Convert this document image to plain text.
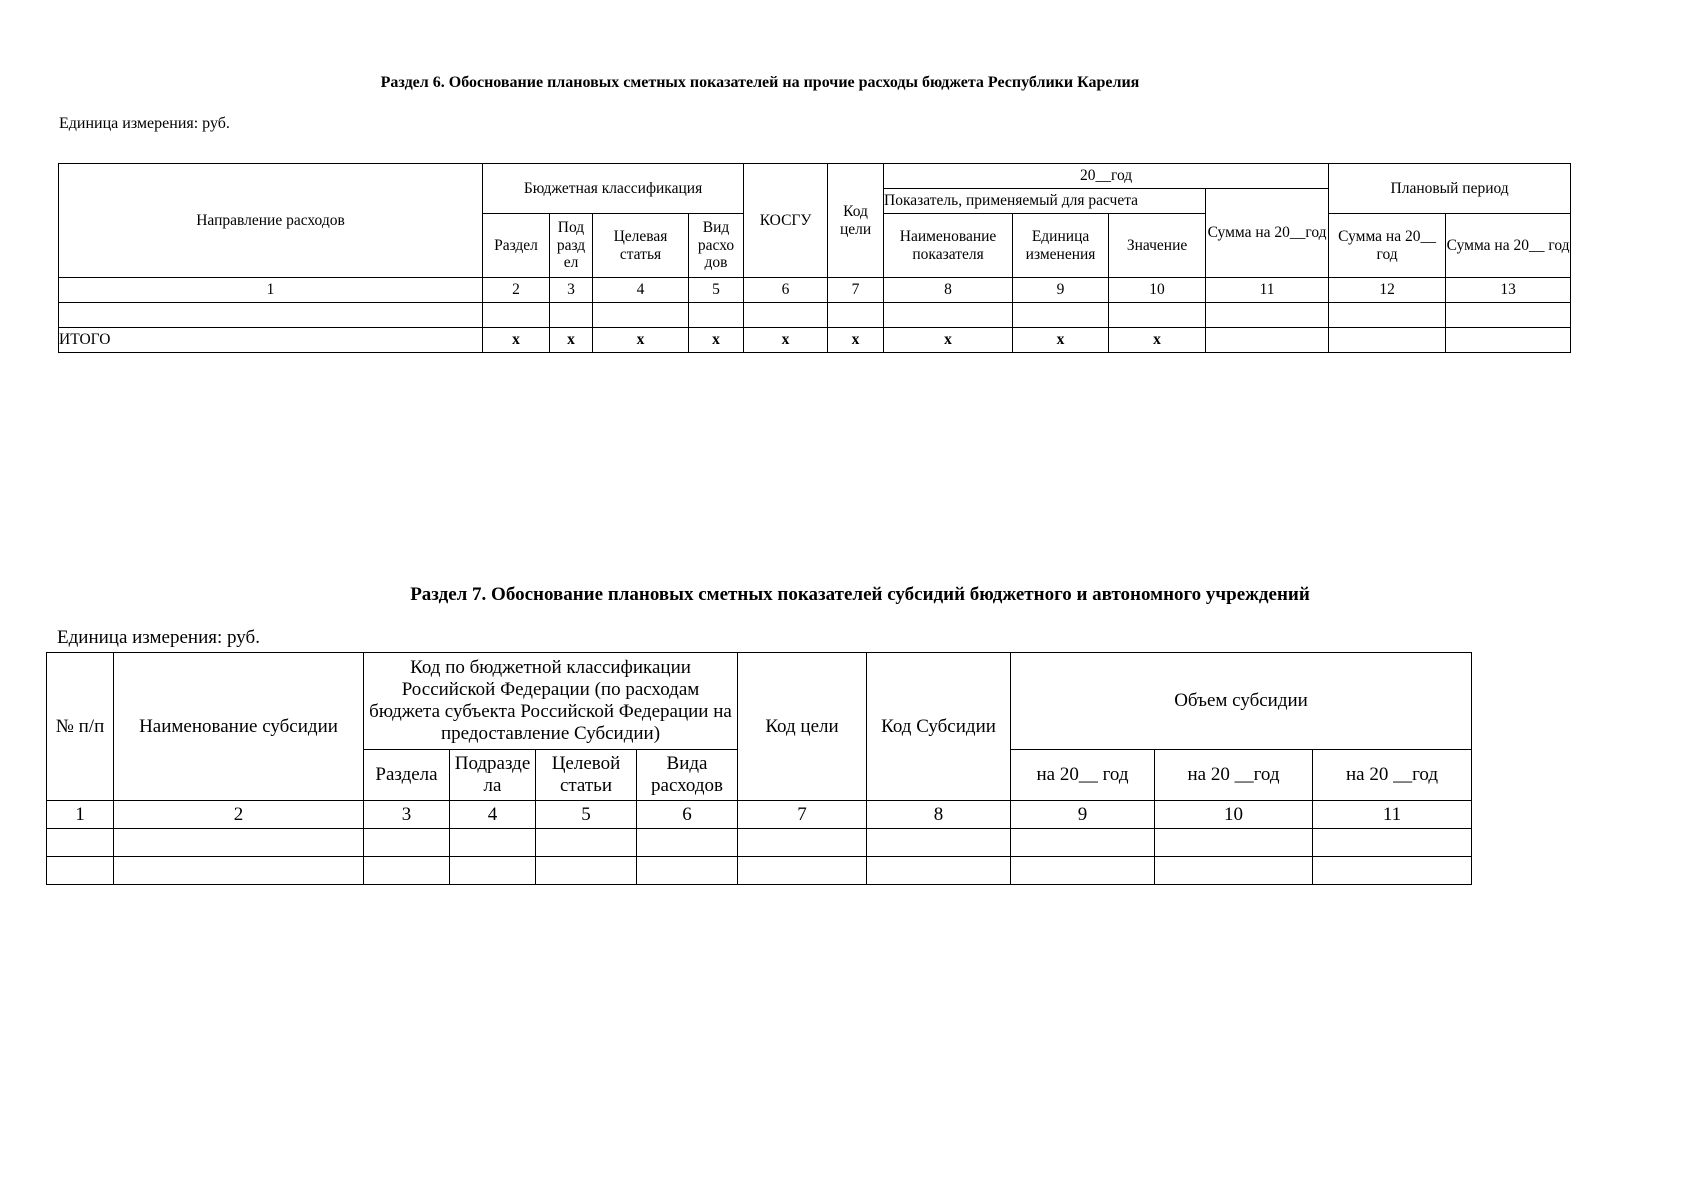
Раздел 6. Обоснование плановых сметных показателей на прочие расходы бюджета Республики Карелия
Единица измерения: руб.
Направление расходов	Бюджетная классификация				КОСГУ	Код цели	20__год				Плановый период	
							Показатель, применяемый для расчета			Сумма на 20__год		
	Раздел	Под разд ел	Целевая статья	Вид расхо дов			Наименование показателя	Единица изменения	Значение		Сумма на 20__ год	Сумма на 20__ год
1	2	3	4	5	6	7	8	9	10	11	12	13

ИТОГО	х	х	х	х	х	х	х	х	х			
Раздел 7. Обоснование плановых сметных показателей субсидий бюджетного и автономного учреждений
Единица измерения: руб.
№ п/п	Наименование субсидии	Код по бюджетной классификации Российской Федерации (по расходам бюджета субъекта Российской Федерации на предоставление Субсидии)				Код цели	Код Субсидии	Объем субсидии		
		Раздела	Подразде ла	Целевой статьи	Вида расходов			на 20__ год	на 20 __год	на 20 __год
1	2	3	4	5	6	7	8	9	10	11
